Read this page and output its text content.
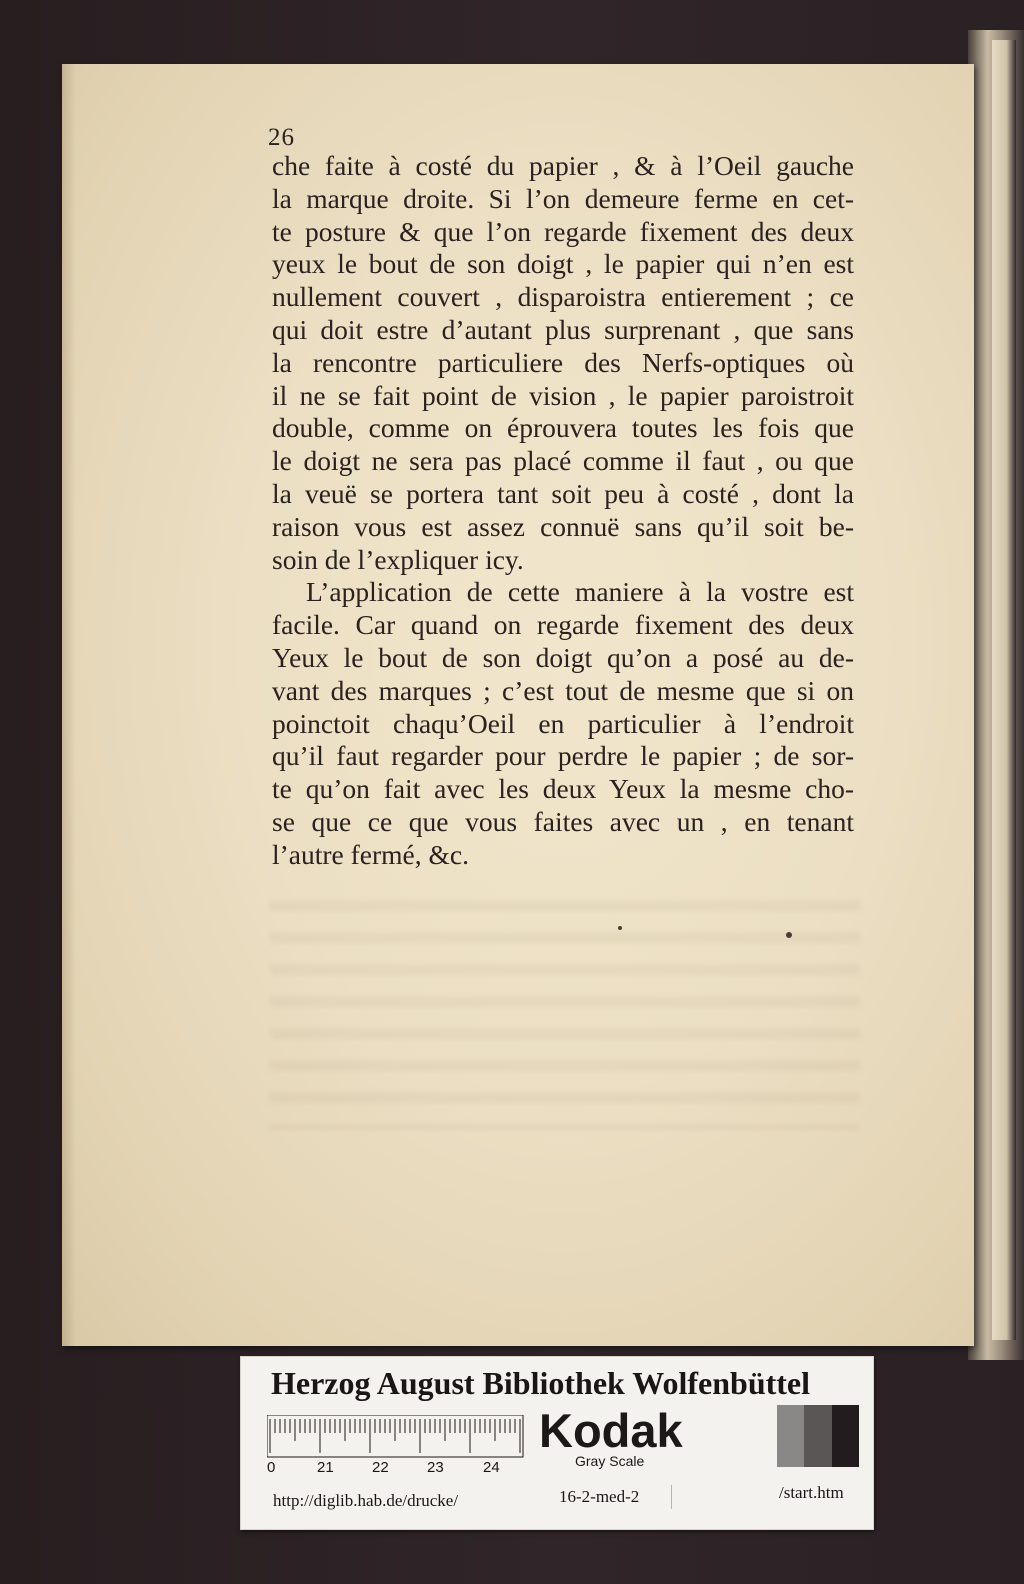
26
che faite à costé du papier , & à l’Oeil gauche
la marque droite. Si l’on demeure ferme en cet-
te posture & que l’on regarde fixement des deux
yeux le bout de son doigt , le papier qui n’en est
nullement couvert , disparoistra entierement ; ce
qui doit estre d’autant plus surprenant , que sans
la rencontre particuliere des Nerfs-optiques où
il ne se fait point de vision , le papier paroistroit
double, comme on éprouvera toutes les fois que
le doigt ne sera pas placé comme il faut , ou que
la veuë se portera tant soit peu à costé , dont la
raison vous est assez connuë sans qu’il soit be-
soin de l’expliquer icy.
L’application de cette maniere à la vostre est
facile. Car quand on regarde fixement des deux
Yeux le bout de son doigt qu’on a posé au de-
vant des marques ; c’est tout de mesme que si on
poinctoit chaqu’Oeil en particulier à l’endroit
qu’il faut regarder pour perdre le papier ; de sor-
te qu’on fait avec les deux Yeux la mesme cho-
se que ce que vous faites avec un , en tenant
l’autre fermé, &c.
Herzog August Bibliothek Wolfenbüttel
0	21	22	23	24
Kodak
Gray Scale
http://diglib.hab.de/drucke/	16-2-med-2	/start.htm
